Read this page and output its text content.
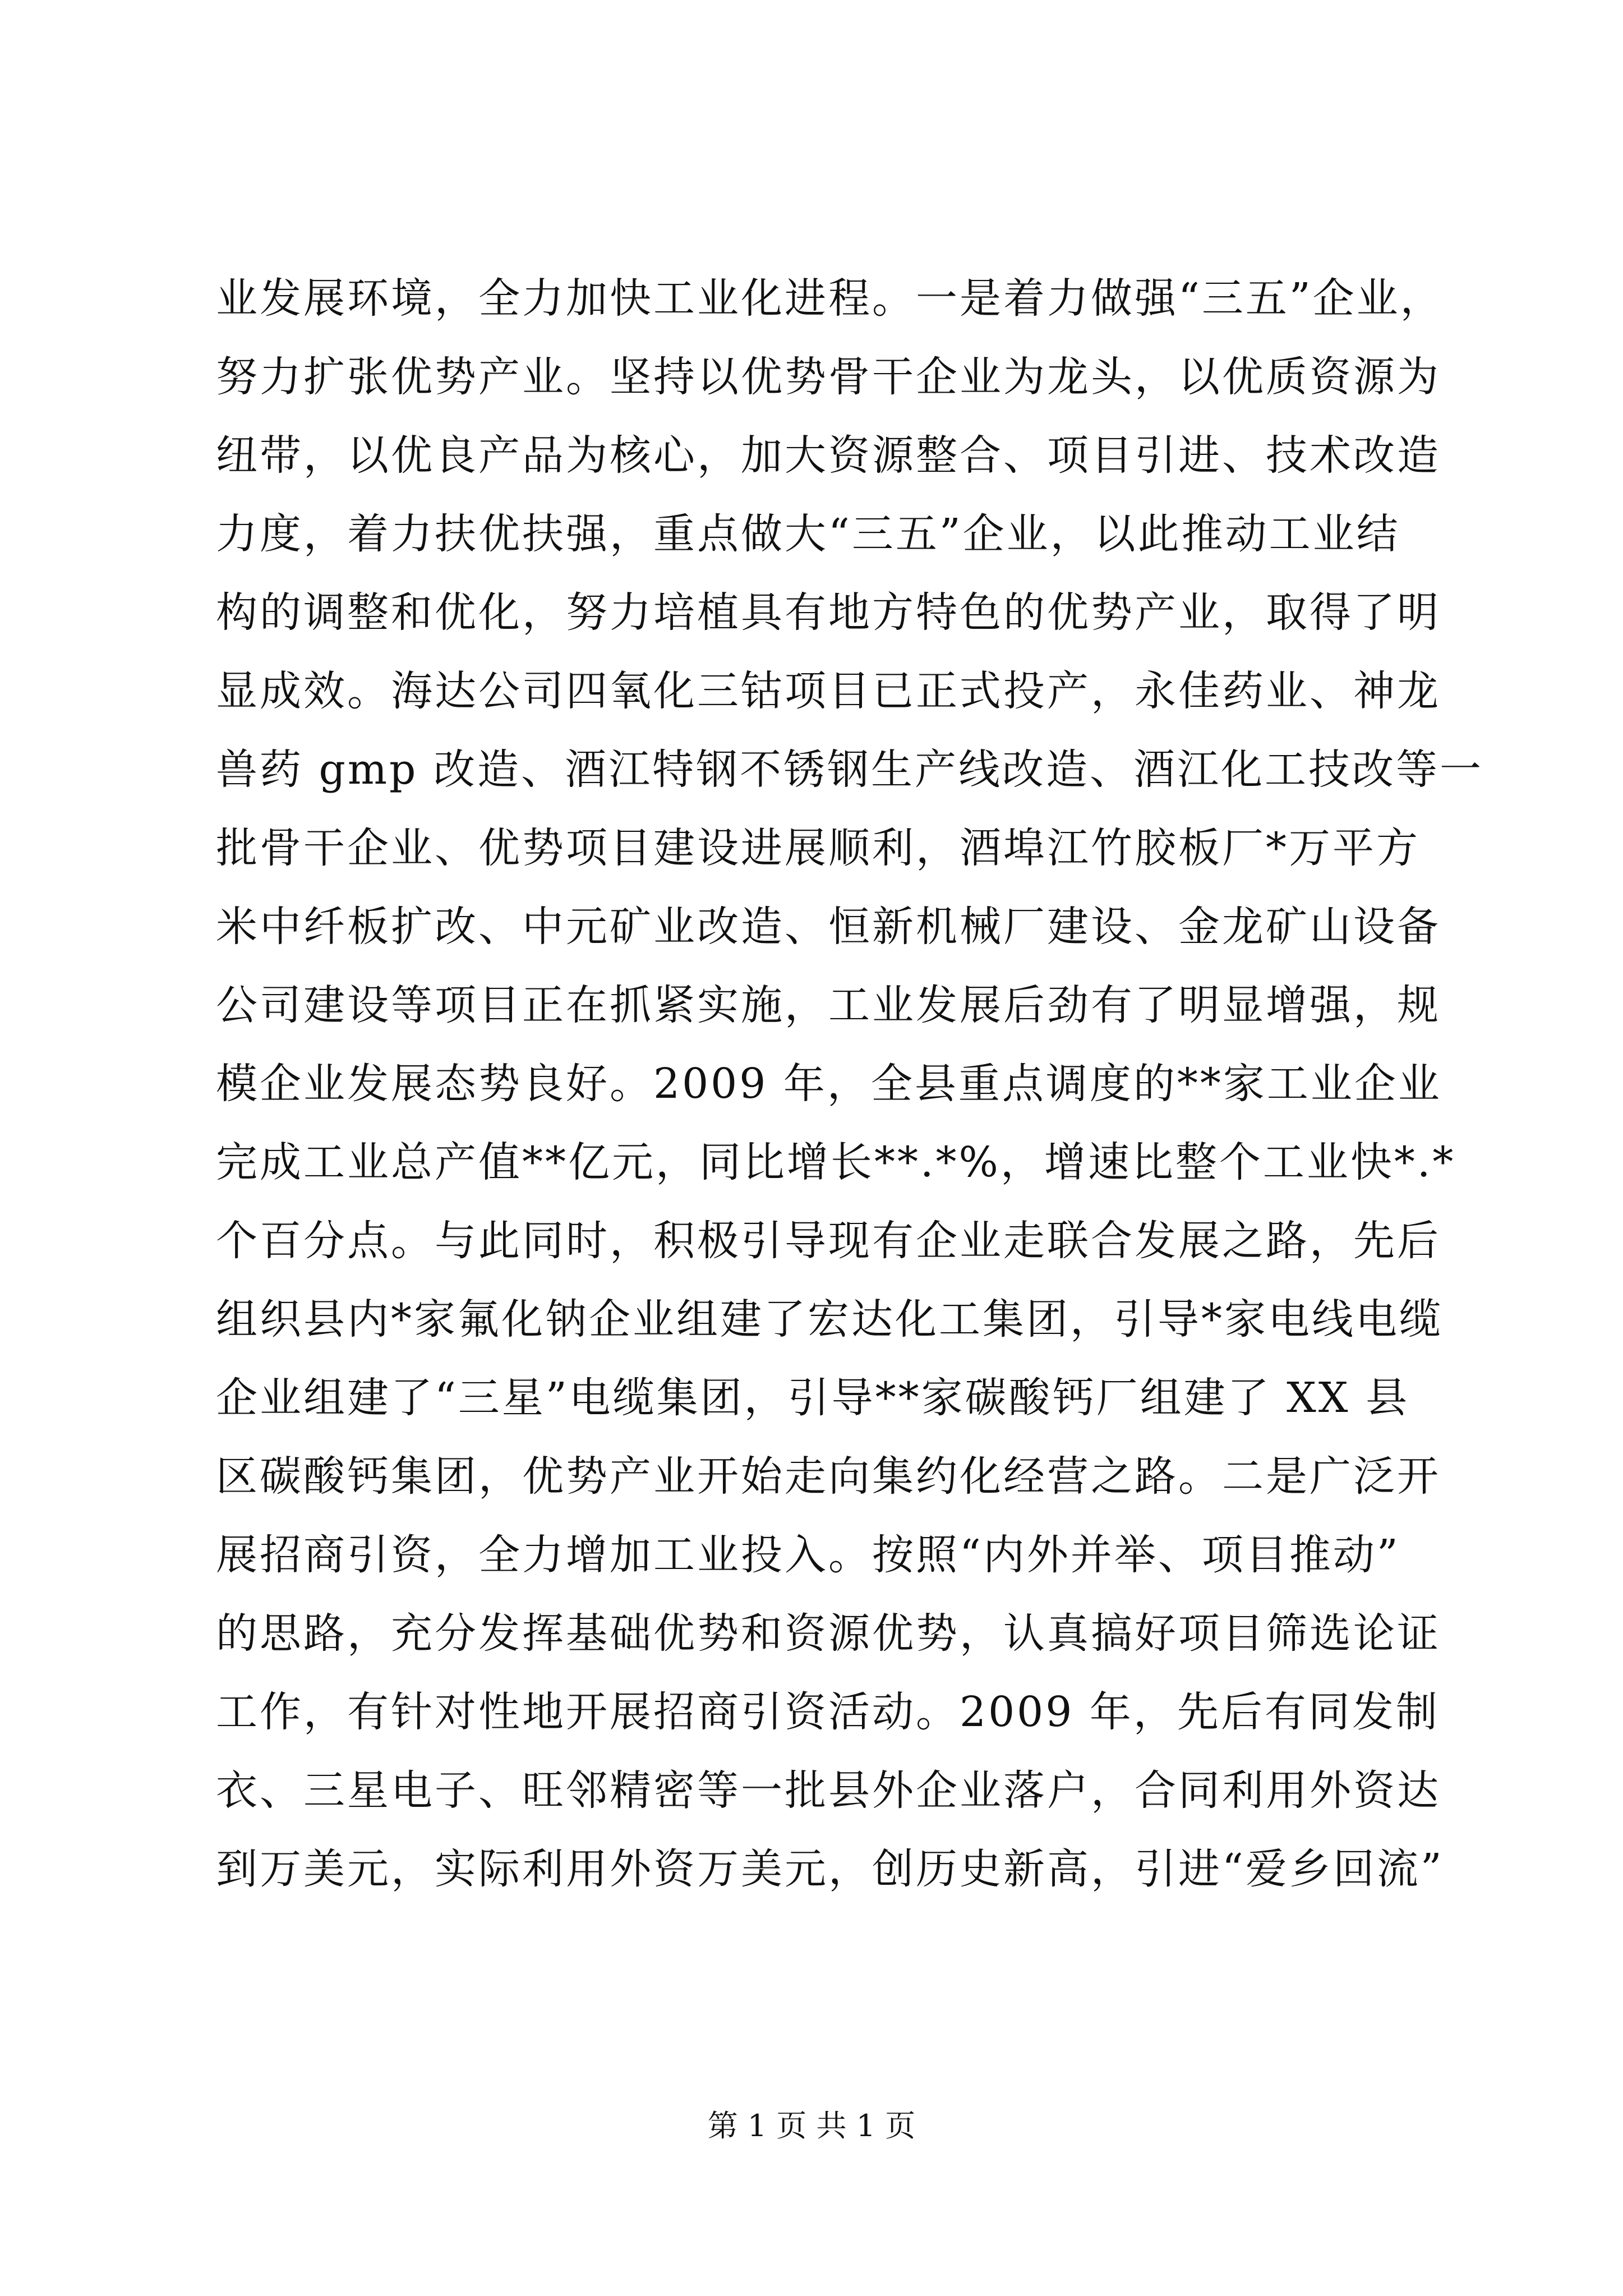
业发展环境，全力加快工业化进程。一是着力做强“三五”企业，
努力扩张优势产业。坚持以优势骨干企业为龙头，以优质资源为
纽带，以优良产品为核心，加大资源整合、项目引进、技术改造
力度，着力扶优扶强，重点做大“三五”企业，以此推动工业结
构的调整和优化，努力培植具有地方特色的优势产业，取得了明
显成效。海达公司四氧化三钴项目已正式投产，永佳药业、神龙
兽药 gmp 改造、酒江特钢不锈钢生产线改造、酒江化工技改等一
批骨干企业、优势项目建设进展顺利，酒埠江竹胶板厂*万平方
米中纤板扩改、中元矿业改造、恒新机械厂建设、金龙矿山设备
公司建设等项目正在抓紧实施，工业发展后劲有了明显增强，规
模企业发展态势良好。2009 年，全县重点调度的**家工业企业
完成工业总产值**亿元，同比增长**.*%，增速比整个工业快*.*
个百分点。与此同时，积极引导现有企业走联合发展之路，先后
组织县内*家氟化钠企业组建了宏达化工集团，引导*家电线电缆
企业组建了“三星”电缆集团，引导**家碳酸钙厂组建了 XX 县
区碳酸钙集团，优势产业开始走向集约化经营之路。二是广泛开
展招商引资，全力增加工业投入。按照“内外并举、项目推动”
的思路，充分发挥基础优势和资源优势，认真搞好项目筛选论证
工作，有针对性地开展招商引资活动。2009 年，先后有同发制
衣、三星电子、旺邻精密等一批县外企业落户，合同利用外资达
到万美元，实际利用外资万美元，创历史新高，引进“爱乡回流”
第 1 页 共 1 页
